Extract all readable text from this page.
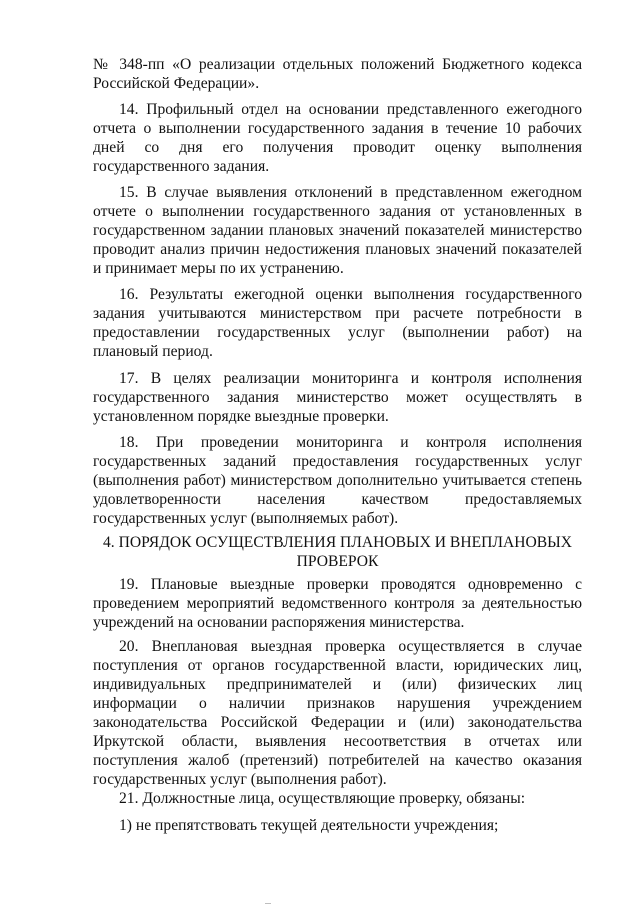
№ 348-пп «О реализации отдельных положений Бюджетного кодекса Российской Федерации».

14. Профильный отдел на основании представленного ежегодного отчета о выполнении государственного задания в течение 10 рабочих дней со дня его получения проводит оценку выполнения государственного задания.

15. В случае выявления отклонений в представленном ежегодном отчете о выполнении государственного задания от установленных в государственном задании плановых значений показателей министерство проводит анализ причин недостижения плановых значений показателей и принимает меры по их устранению.

16. Результаты ежегодной оценки выполнения государственного задания учитываются министерством при расчете потребности в предоставлении государственных услуг (выполнении работ) на плановый период.

17. В целях реализации мониторинга и контроля исполнения государственного задания министерство может осуществлять в установленном порядке выездные проверки.

18. При проведении мониторинга и контроля исполнения государственных заданий предоставления государственных услуг (выполнения работ) министерством дополнительно учитывается степень удовлетворенности населения качеством предоставляемых государственных услуг (выполняемых работ).

4. ПОРЯДОК ОСУЩЕСТВЛЕНИЯ ПЛАНОВЫХ И ВНЕПЛАНОВЫХ ПРОВЕРОК

19. Плановые выездные проверки проводятся одновременно с проведением мероприятий ведомственного контроля за деятельностью учреждений на основании распоряжения министерства.

20. Внеплановая выездная проверка осуществляется в случае поступления от органов государственной власти, юридических лиц, индивидуальных предпринимателей и (или) физических лиц информации о наличии признаков нарушения учреждением законодательства Российской Федерации и (или) законодательства Иркутской области, выявления несоответствия в отчетах или поступления жалоб (претензий) потребителей на качество оказания государственных услуг (выполнения работ).

21. Должностные лица, осуществляющие проверку, обязаны:

1) не препятствовать текущей деятельности учреждения;

...
